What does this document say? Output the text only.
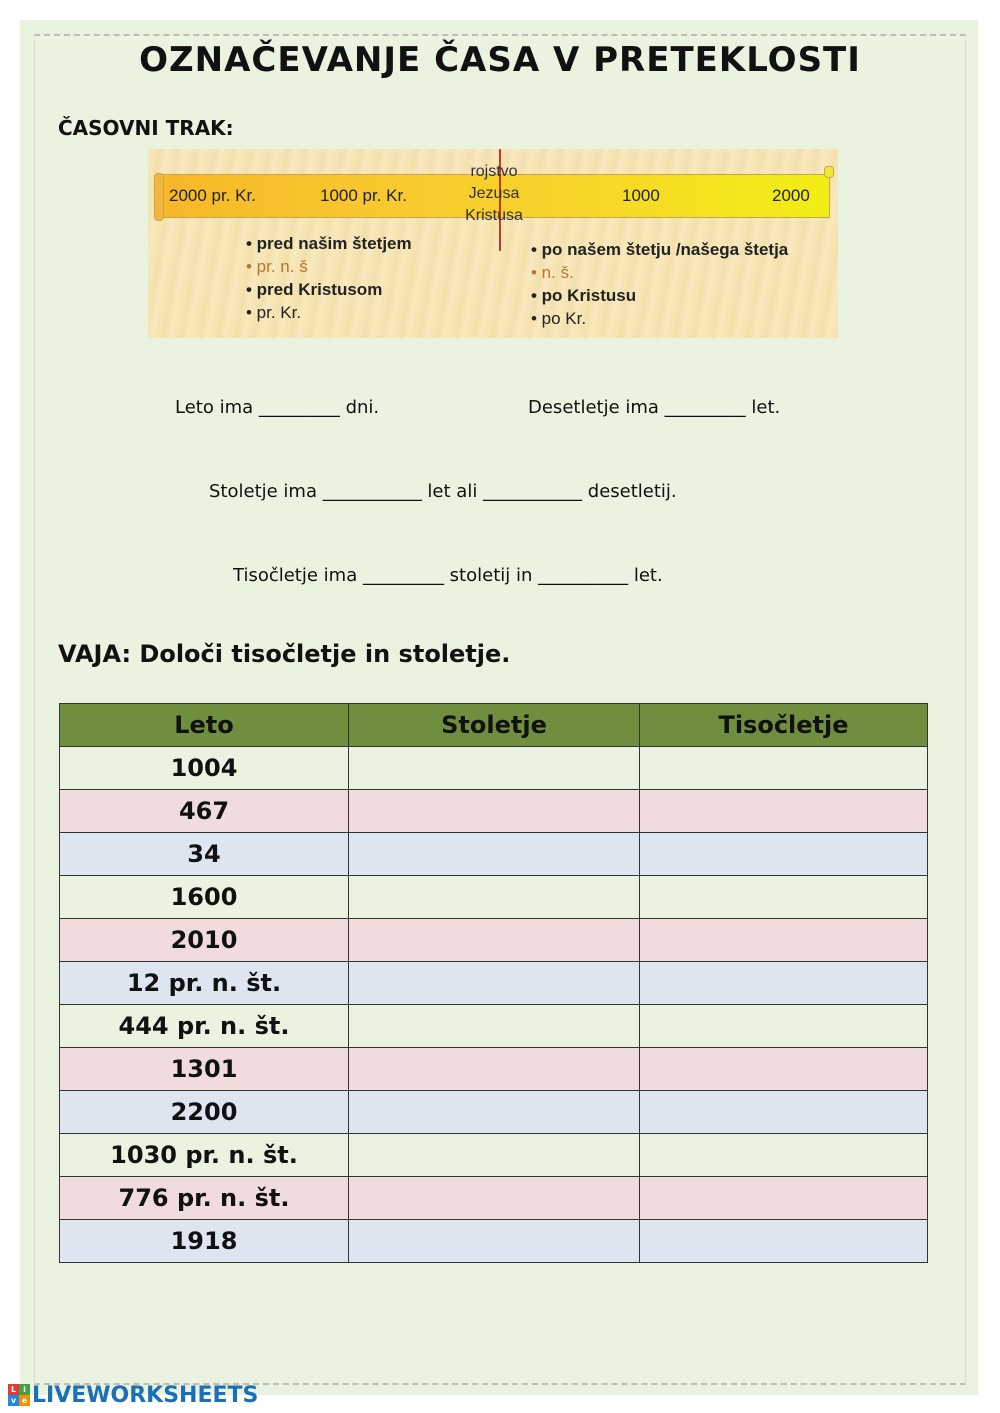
OZNAČEVANJE ČASA V PRETEKLOSTI
ČASOVNI TRAK:
2000 pr. Kr.	1000 pr. Kr.	1000	2000
rojstvo
Jezusa
Kristusa
• pred našim štetjem
• pr. n. š
• pred Kristusom
• pr. Kr.
• po našem štetju /našega štetja
• n. š.
• po Kristusu
• po Kr.
Leto ima _________ dni.	Desetletje ima _________ let.
Stoletje ima ___________ let ali ___________ desetletij.
Tisočletje ima _________ stoletij in __________ let.
VAJA: Določi tisočletje in stoletje.
Leto	Stoletje	Tisočletje
1004		
467		
34		
1600		
2010		
12 pr. n. št.		
444 pr. n. št.		
1301		
2200		
1030 pr. n. št.		
776 pr. n. št.		
1918		
L i
v e LIVEWORKSHEETS
